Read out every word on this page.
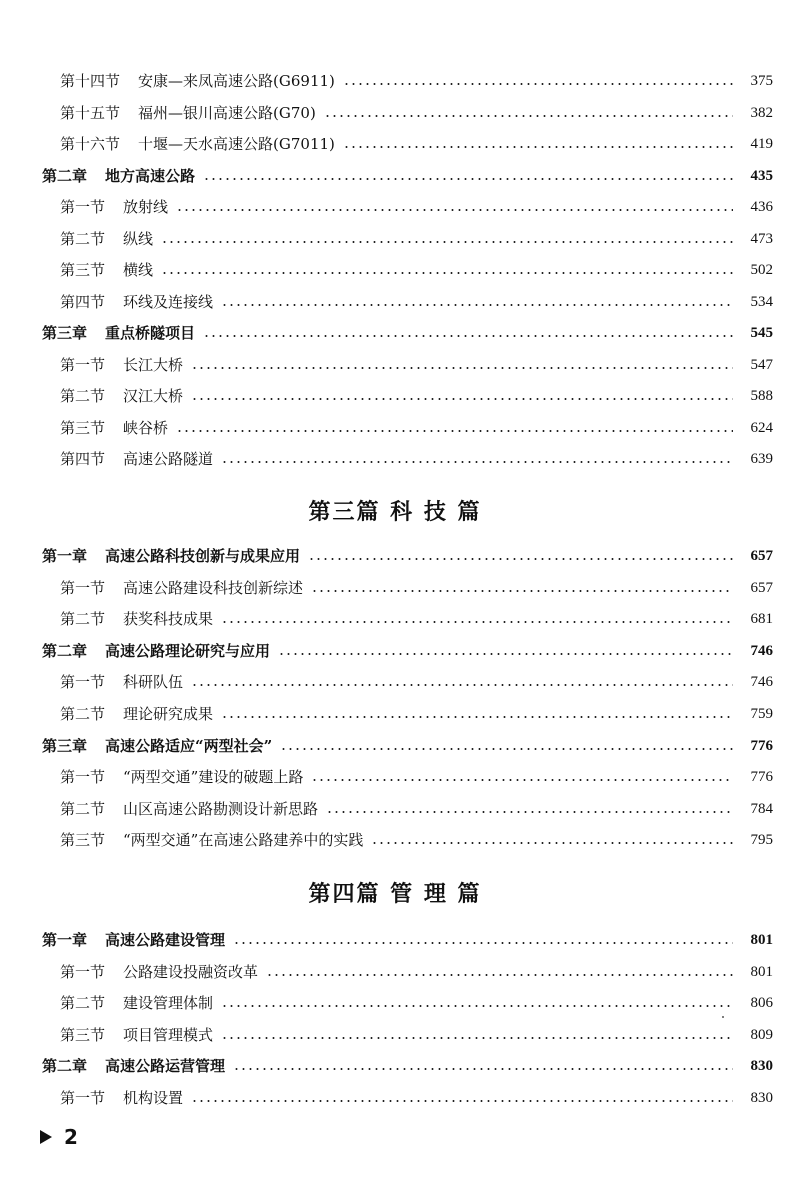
第十四节 安康—来凤高速公路(G6911)	375
第十五节 福州—银川高速公路(G70)	382
第十六节 十堰—天水高速公路(G7011)	419
第二章 地方高速公路	435
第一节 放射线	436
第二节 纵线	473
第三节 横线	502
第四节 环线及连接线	534
第三章 重点桥隧项目	545
第一节 长江大桥	547
第二节 汉江大桥	588
第三节 峡谷桥	624
第四节 高速公路隧道	639
第一章 高速公路科技创新与成果应用	657
第一节 高速公路建设科技创新综述	657
第二节 获奖科技成果	681
第二章 高速公路理论研究与应用	746
第一节 科研队伍	746
第二节 理论研究成果	759
第三章 高速公路适应“两型社会”	776
第一节 “两型交通”建设的破题上路	776
第二节 山区高速公路勘测设计新思路	784
第三节 “两型交通”在高速公路建养中的实践	795
第一章 高速公路建设管理	801
第一节 公路建设投融资改革	801
第二节 建设管理体制	806
第三节 项目管理模式	809
第二章 高速公路运营管理	830
第一节 机构设置	830
第三篇 科 技 篇
第四篇 管 理 篇
2
